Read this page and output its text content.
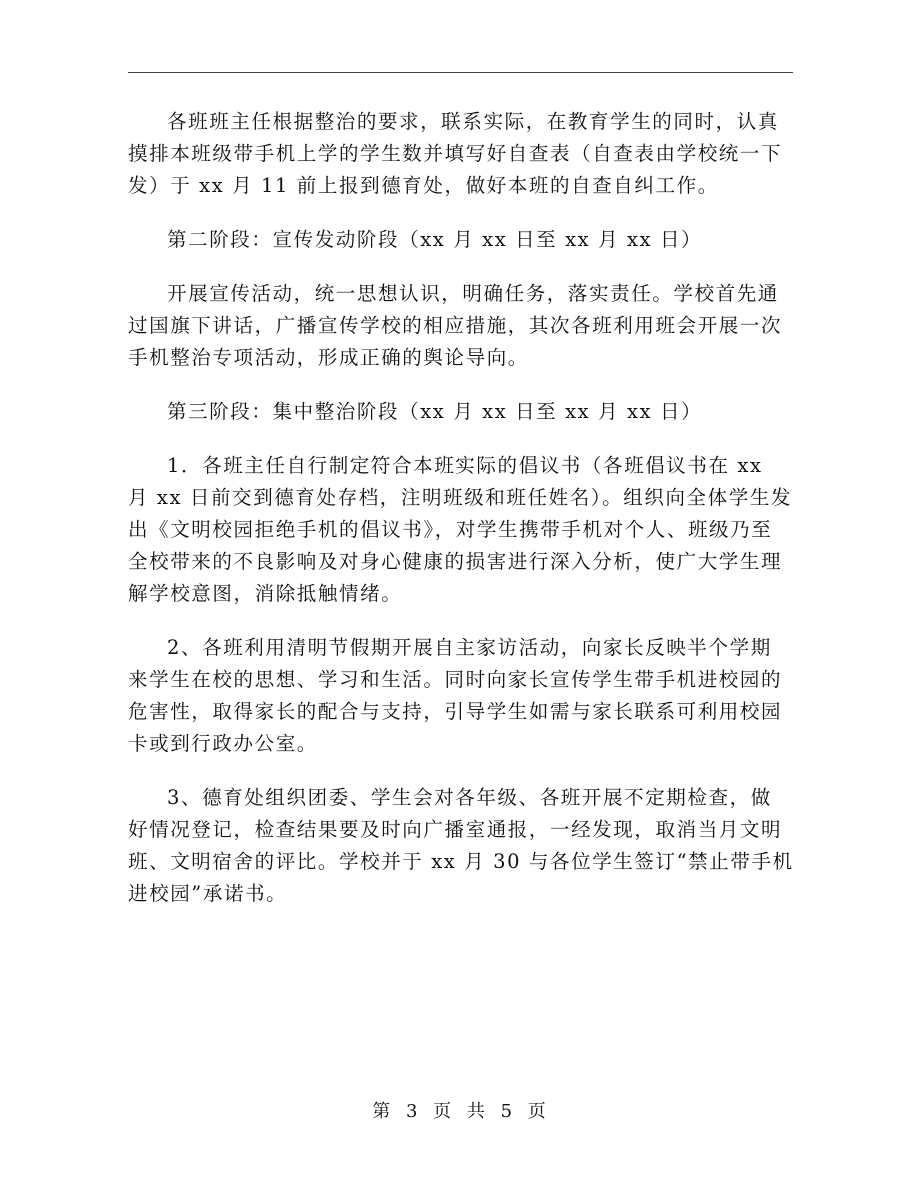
各班班主任根据整治的要求，联系实际，在教育学生的同时，认真
摸排本班级带手机上学的学生数并填写好自查表（自查表由学校统一下
发）于 xx 月 11 前上报到德育处，做好本班的自查自纠工作。

第二阶段：宣传发动阶段（xx 月 xx 日至 xx 月 xx 日）

开展宣传活动，统一思想认识，明确任务，落实责任。学校首先通
过国旗下讲话，广播宣传学校的相应措施，其次各班利用班会开展一次
手机整治专项活动，形成正确的舆论导向。

第三阶段：集中整治阶段（xx 月 xx 日至 xx 月 xx 日）

1．各班主任自行制定符合本班实际的倡议书（各班倡议书在 xx
月 xx 日前交到德育处存档，注明班级和班任姓名）。组织向全体学生发
出《文明校园拒绝手机的倡议书》，对学生携带手机对个人、班级乃至
全校带来的不良影响及对身心健康的损害进行深入分析，使广大学生理
解学校意图，消除抵触情绪。

2、各班利用清明节假期开展自主家访活动，向家长反映半个学期
来学生在校的思想、学习和生活。同时向家长宣传学生带手机进校园的
危害性，取得家长的配合与支持，引导学生如需与家长联系可利用校园
卡或到行政办公室。

3、德育处组织团委、学生会对各年级、各班开展不定期检查，做
好情况登记，检查结果要及时向广播室通报，一经发现，取消当月文明
班、文明宿舍的评比。学校并于 xx 月 30 与各位学生签订“禁止带手机
进校园”承诺书。

第 3 页 共 5 页
